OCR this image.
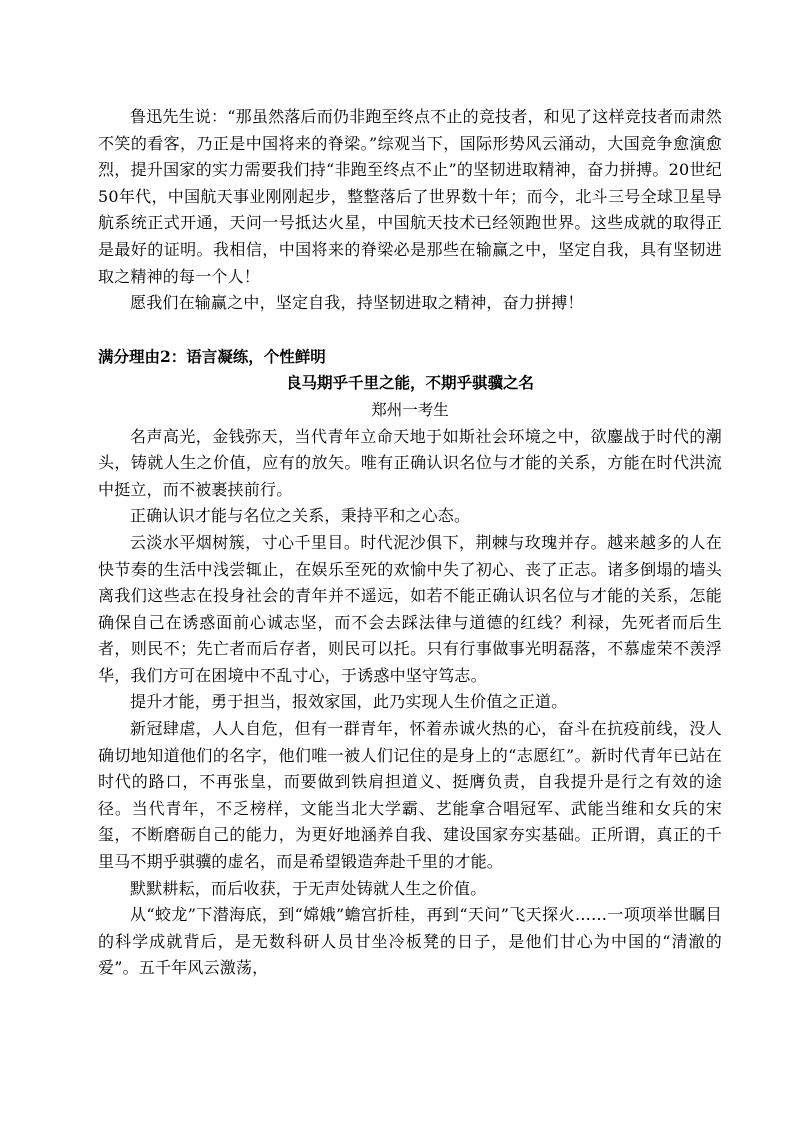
鲁迅先生说：“那虽然落后而仍非跑至终点不止的竞技者，和见了这样竞技者而肃然不笑的看客，乃正是中国将来的脊梁。”综观当下，国际形势风云涌动，大国竞争愈演愈烈，提升国家的实力需要我们持“非跑至终点不止”的坚韧进取精神，奋力拼搏。20世纪50年代，中国航天事业刚刚起步，整整落后了世界数十年；而今，北斗三号全球卫星导航系统正式开通，天问一号抵达火星，中国航天技术已经领跑世界。这些成就的取得正是最好的证明。我相信，中国将来的脊梁必是那些在输赢之中，坚定自我，具有坚韧进取之精神的每一个人！

愿我们在输赢之中，坚定自我，持坚韧进取之精神，奋力拼搏！

满分理由2：语言凝练，个性鲜明

良马期乎千里之能，不期乎骐骥之名

郑州一考生

名声高光，金钱弥天，当代青年立命天地于如斯社会环境之中，欲鏖战于时代的潮头，铸就人生之价值，应有的放矢。唯有正确认识名位与才能的关系，方能在时代洪流中挺立，而不被裹挟前行。

正确认识才能与名位之关系，秉持平和之心态。

云淡水平烟树簇，寸心千里目。时代泥沙俱下，荆棘与玫瑰并存。越来越多的人在快节奏的生活中浅尝辄止，在娱乐至死的欢愉中失了初心、丧了正志。诸多倒塌的墙头离我们这些志在投身社会的青年并不遥远，如若不能正确认识名位与才能的关系，怎能确保自己在诱惑面前心诚志坚，而不会去踩法律与道德的红线？利禄，先死者而后生者，则民不；先亡者而后存者，则民可以托。只有行事做事光明磊落，不慕虚荣不羡浮华，我们方可在困境中不乱寸心，于诱惑中坚守笃志。

提升才能，勇于担当，报效家国，此乃实现人生价值之正道。

新冠肆虐，人人自危，但有一群青年，怀着赤诚火热的心，奋斗在抗疫前线，没人确切地知道他们的名字，他们唯一被人们记住的是身上的“志愿红”。新时代青年已站在时代的路口，不再张皇，而要做到铁肩担道义、挺膺负责，自我提升是行之有效的途径。当代青年，不乏榜样，文能当北大学霸、艺能拿合唱冠军、武能当维和女兵的宋玺，不断磨砺自己的能力，为更好地涵养自我、建设国家夯实基础。正所谓，真正的千里马不期乎骐骥的虚名，而是希望锻造奔赴千里的才能。

默默耕耘，而后收获，于无声处铸就人生之价值。

从“蛟龙”下潜海底，到“嫦娥”蟾宫折桂，再到“天问”飞天探火……一项项举世瞩目的科学成就背后，是无数科研人员甘坐冷板凳的日子，是他们甘心为中国的“清澈的爱”。五千年风云激荡，
